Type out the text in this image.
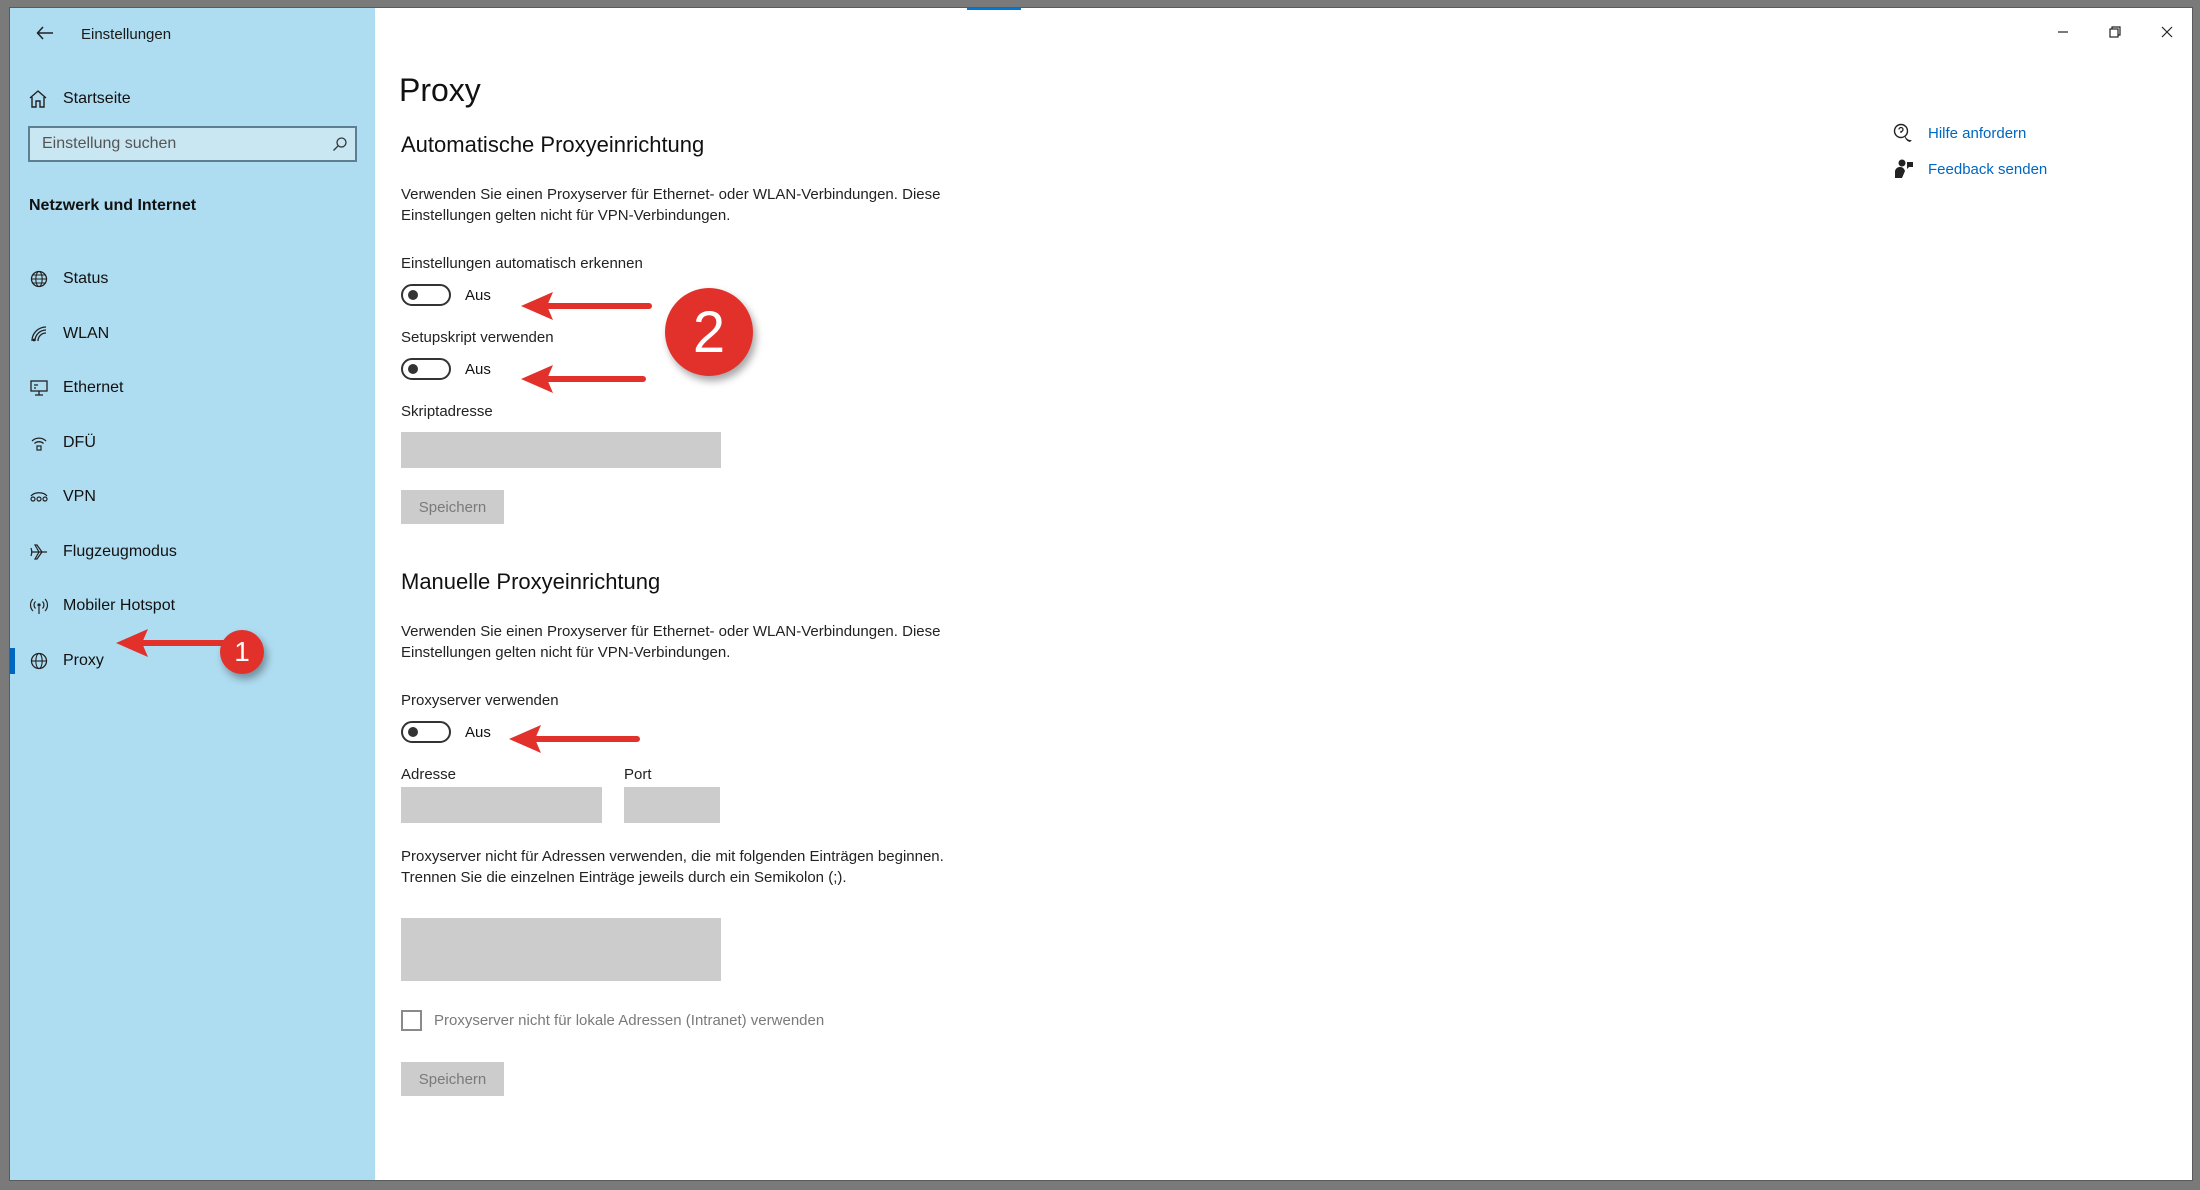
Einstellungen
Startseite
Einstellung suchen
Netzwerk und Internet
Status
WLAN
Ethernet
DFÜ
VPN
Flugzeugmodus
Mobiler Hotspot
Proxy
Proxy
Automatische Proxyeinrichtung
Verwenden Sie einen Proxyserver für Ethernet- oder WLAN-Verbindungen. Diese Einstellungen gelten nicht für VPN-Verbindungen.
Einstellungen automatisch erkennen
Aus
Setupskript verwenden
Aus
Skriptadresse
Speichern
Manuelle Proxyeinrichtung
Verwenden Sie einen Proxyserver für Ethernet- oder WLAN-Verbindungen. Diese Einstellungen gelten nicht für VPN-Verbindungen.
Proxyserver verwenden
Aus
Adresse	Port
Proxyserver nicht für Adressen verwenden, die mit folgenden Einträgen beginnen. Trennen Sie die einzelnen Einträge jeweils durch ein Semikolon (;).
Proxyserver nicht für lokale Adressen (Intranet) verwenden
Speichern
Hilfe anfordern
Feedback senden
1
2
